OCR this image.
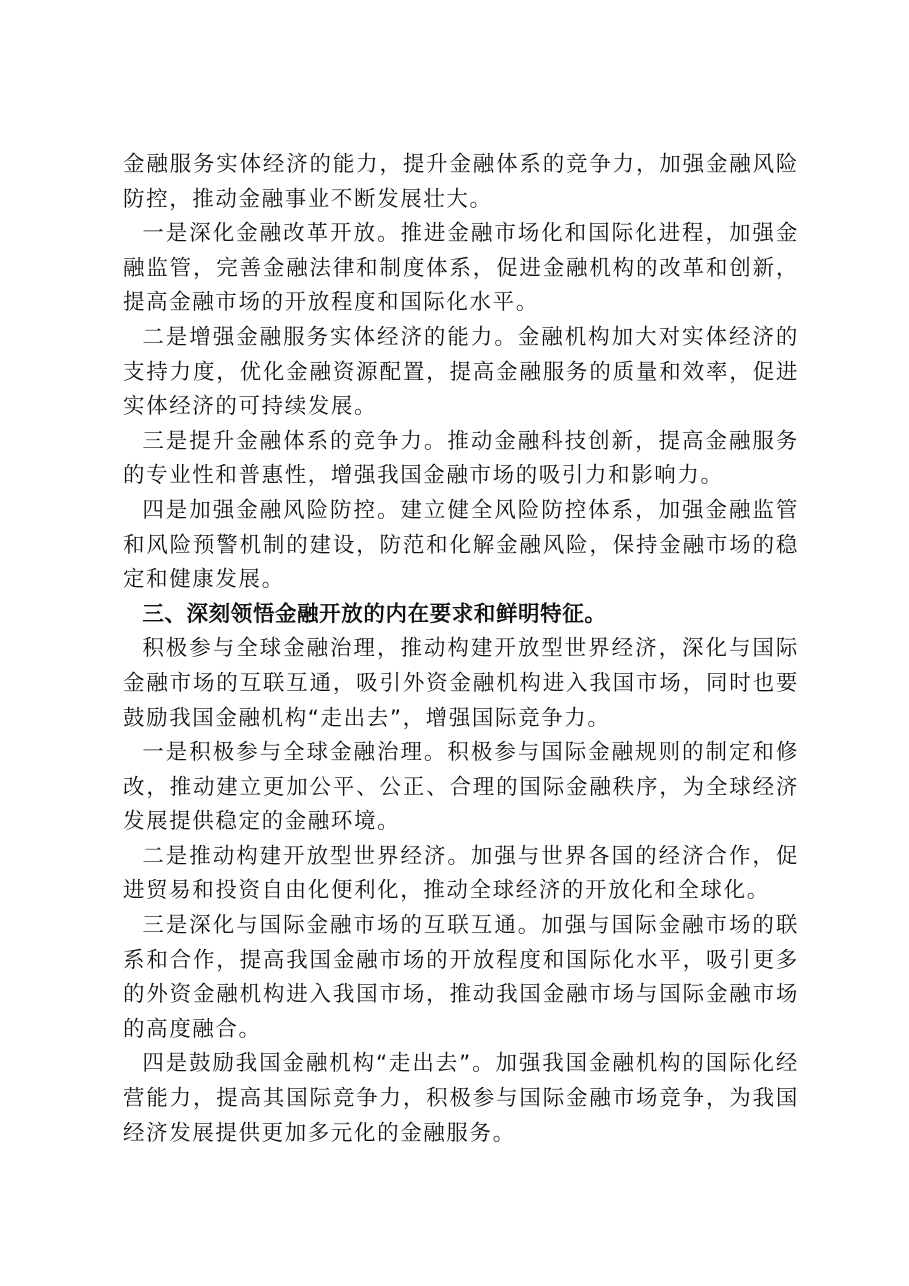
金融服务实体经济的能力，提升金融体系的竞争力，加强金融风险防控，推动金融事业不断发展壮大。

一是深化金融改革开放。推进金融市场化和国际化进程，加强金融监管，完善金融法律和制度体系，促进金融机构的改革和创新，提高金融市场的开放程度和国际化水平。

二是增强金融服务实体经济的能力。金融机构加大对实体经济的支持力度，优化金融资源配置，提高金融服务的质量和效率，促进实体经济的可持续发展。

三是提升金融体系的竞争力。推动金融科技创新，提高金融服务的专业性和普惠性，增强我国金融市场的吸引力和影响力。

四是加强金融风险防控。建立健全风险防控体系，加强金融监管和风险预警机制的建设，防范和化解金融风险，保持金融市场的稳定和健康发展。

三、深刻领悟金融开放的内在要求和鲜明特征。

积极参与全球金融治理，推动构建开放型世界经济，深化与国际金融市场的互联互通，吸引外资金融机构进入我国市场，同时也要鼓励我国金融机构“走出去”，增强国际竞争力。

一是积极参与全球金融治理。积极参与国际金融规则的制定和修改，推动建立更加公平、公正、合理的国际金融秩序，为全球经济发展提供稳定的金融环境。

二是推动构建开放型世界经济。加强与世界各国的经济合作，促进贸易和投资自由化便利化，推动全球经济的开放化和全球化。

三是深化与国际金融市场的互联互通。加强与国际金融市场的联系和合作，提高我国金融市场的开放程度和国际化水平，吸引更多的外资金融机构进入我国市场，推动我国金融市场与国际金融市场的高度融合。

四是鼓励我国金融机构“走出去”。加强我国金融机构的国际化经营能力，提高其国际竞争力，积极参与国际金融市场竞争，为我国经济发展提供更加多元化的金融服务。
